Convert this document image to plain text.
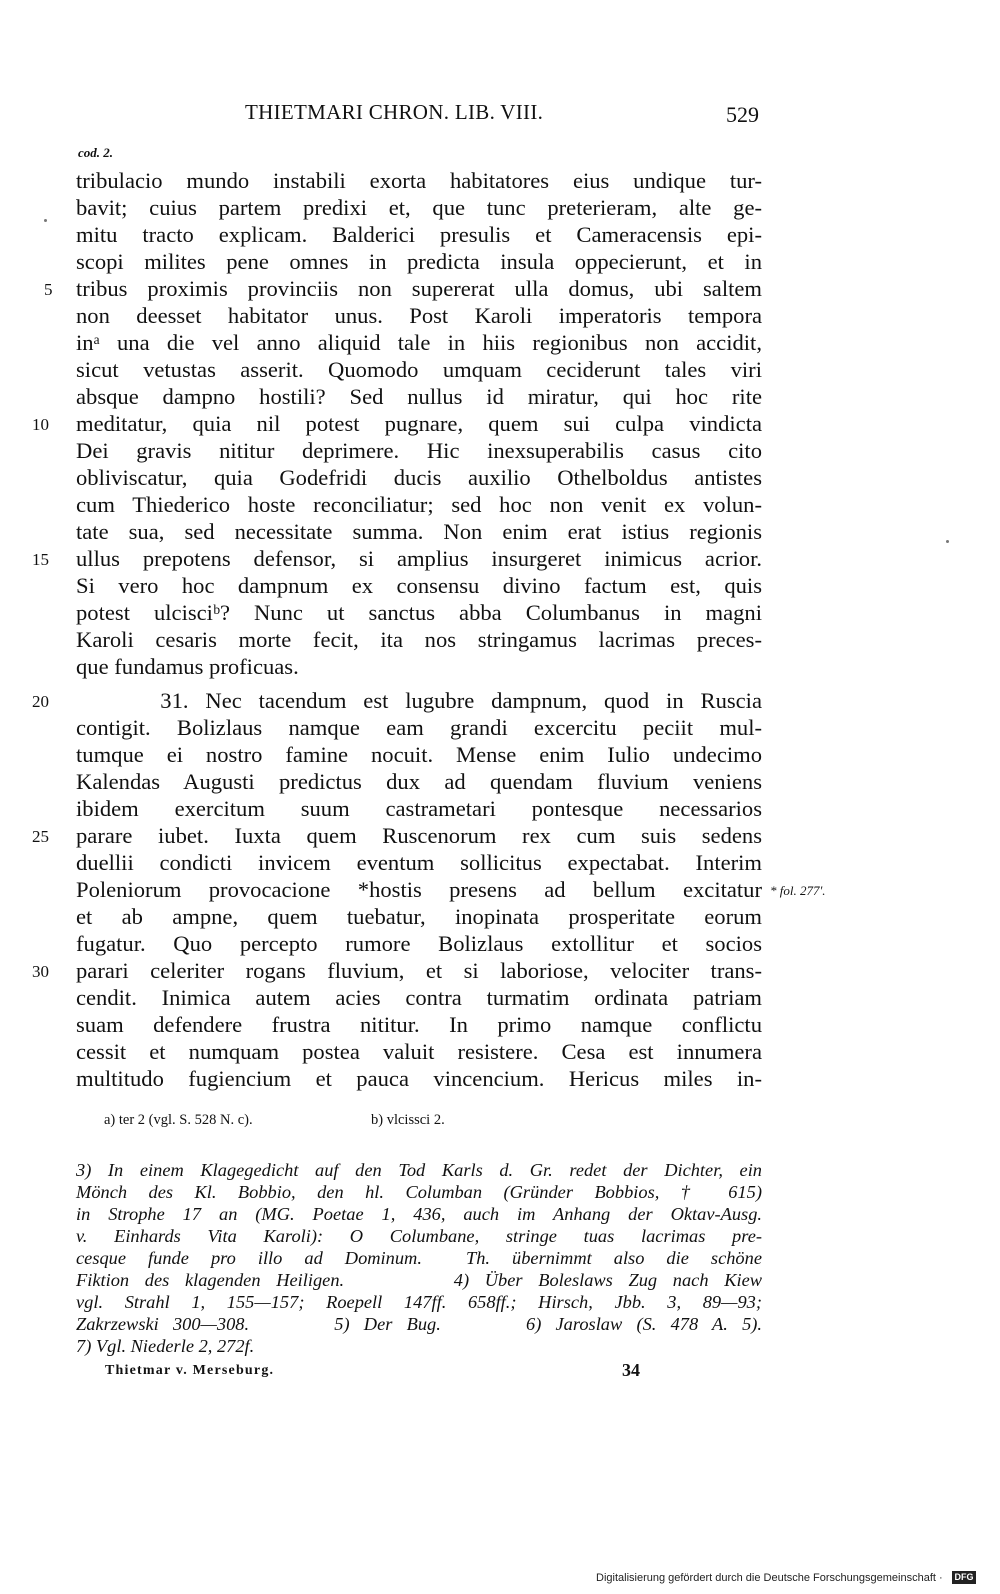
THIETMARI CHRON. LIB. VIII.	529
cod. 2.
tribulacio mundo instabili exorta habitatores eius undique tur-
bavit; cuius partem predixi et, que tunc preterieram, alte ge-
mitu tracto explicam. Balderici presulis et Cameracensis epi-
scopi milites pene omnes in predicta insula oppecierunt, et in
tribus proximis provinciis non supererat ulla domus, ubi saltem
non deesset habitator unus. Post Karoli imperatoris tempora
inᵃ una die vel anno aliquid tale in hiis regionibus non accidit,
sicut vetustas asserit. Quomodo umquam ceciderunt tales viri
absque dampno hostili? Sed nullus id miratur, qui hoc rite
meditatur, quia nil potest pugnare, quem sui culpa vindicta
Dei gravis nititur deprimere. Hic inexsuperabilis casus cito
obliviscatur, quia Godefridi ducis auxilio Othelboldus antistes
cum Thiederico hoste reconciliatur; sed hoc non venit ex volun-
tate sua, sed necessitate summa. Non enim erat istius regionis
ullus prepotens defensor, si amplius insurgeret inimicus acrior.
Si vero hoc dampnum ex consensu divino factum est, quis
potest ulcisciᵇ? Nunc ut sanctus abba Columbanus in magni
Karoli cesaris morte fecit, ita nos stringamus lacrimas preces-
que fundamus proficuas.
31. Nec tacendum est lugubre dampnum, quod in Ruscia
contigit. Bolizlaus namque eam grandi excercitu peciit mul-
tumque ei nostro famine nocuit. Mense enim Iulio undecimo
Kalendas Augusti predictus dux ad quendam fluvium veniens
ibidem exercitum suum castrametari pontesque necessarios
parare iubet. Iuxta quem Ruscenorum rex cum suis sedens
duellii condicti invicem eventum sollicitus expectabat. Interim
Poleniorum provocacione *hostis presens ad bellum excitatur
et ab ampne, quem tuebatur, inopinata prosperitate eorum
fugatur. Quo percepto rumore Bolizlaus extollitur et socios
parari celeriter rogans fluvium, et si laboriose, velociter trans-
cendit. Inimica autem acies contra turmatim ordinata patriam
suam defendere frustra nititur. In primo namque conflictu
cessit et numquam postea valuit resistere. Cesa est innumera
multitudo fugiencium et pauca vincencium. Hericus miles in-
5
10
15
20
25
30
* fol. 277'.
a) ter 2 (vgl. S. 528 N. c).	b) vlcissci 2.
3) In einem Klagegedicht auf den Tod Karls d. Gr. redet der Dichter, ein
Mönch des Kl. Bobbio, den hl. Columban (Gründer Bobbios, † 615)
in Strophe 17 an (MG. Poetae 1, 436, auch im Anhang der Oktav-Ausg.
v. Einhards Vita Karoli): O Columbane, stringe tuas lacrimas pre-
cesque funde pro illo ad Dominum.  Th. übernimmt also die schöne
Fiktion des klagenden Heiligen.       4) Über Boleslaws Zug nach Kiew
vgl. Strahl 1, 155—157; Roepell 147ff. 658ff.; Hirsch, Jbb. 3, 89—93;
Zakrzewski 300—308.      5) Der Bug.      6) Jaroslaw (S. 478 A. 5).
7) Vgl. Niederle 2, 272f.
Thietmar v. Merseburg.	34
Digitalisierung gefördert durch die Deutsche Forschungsgemeinschaft · DFG
